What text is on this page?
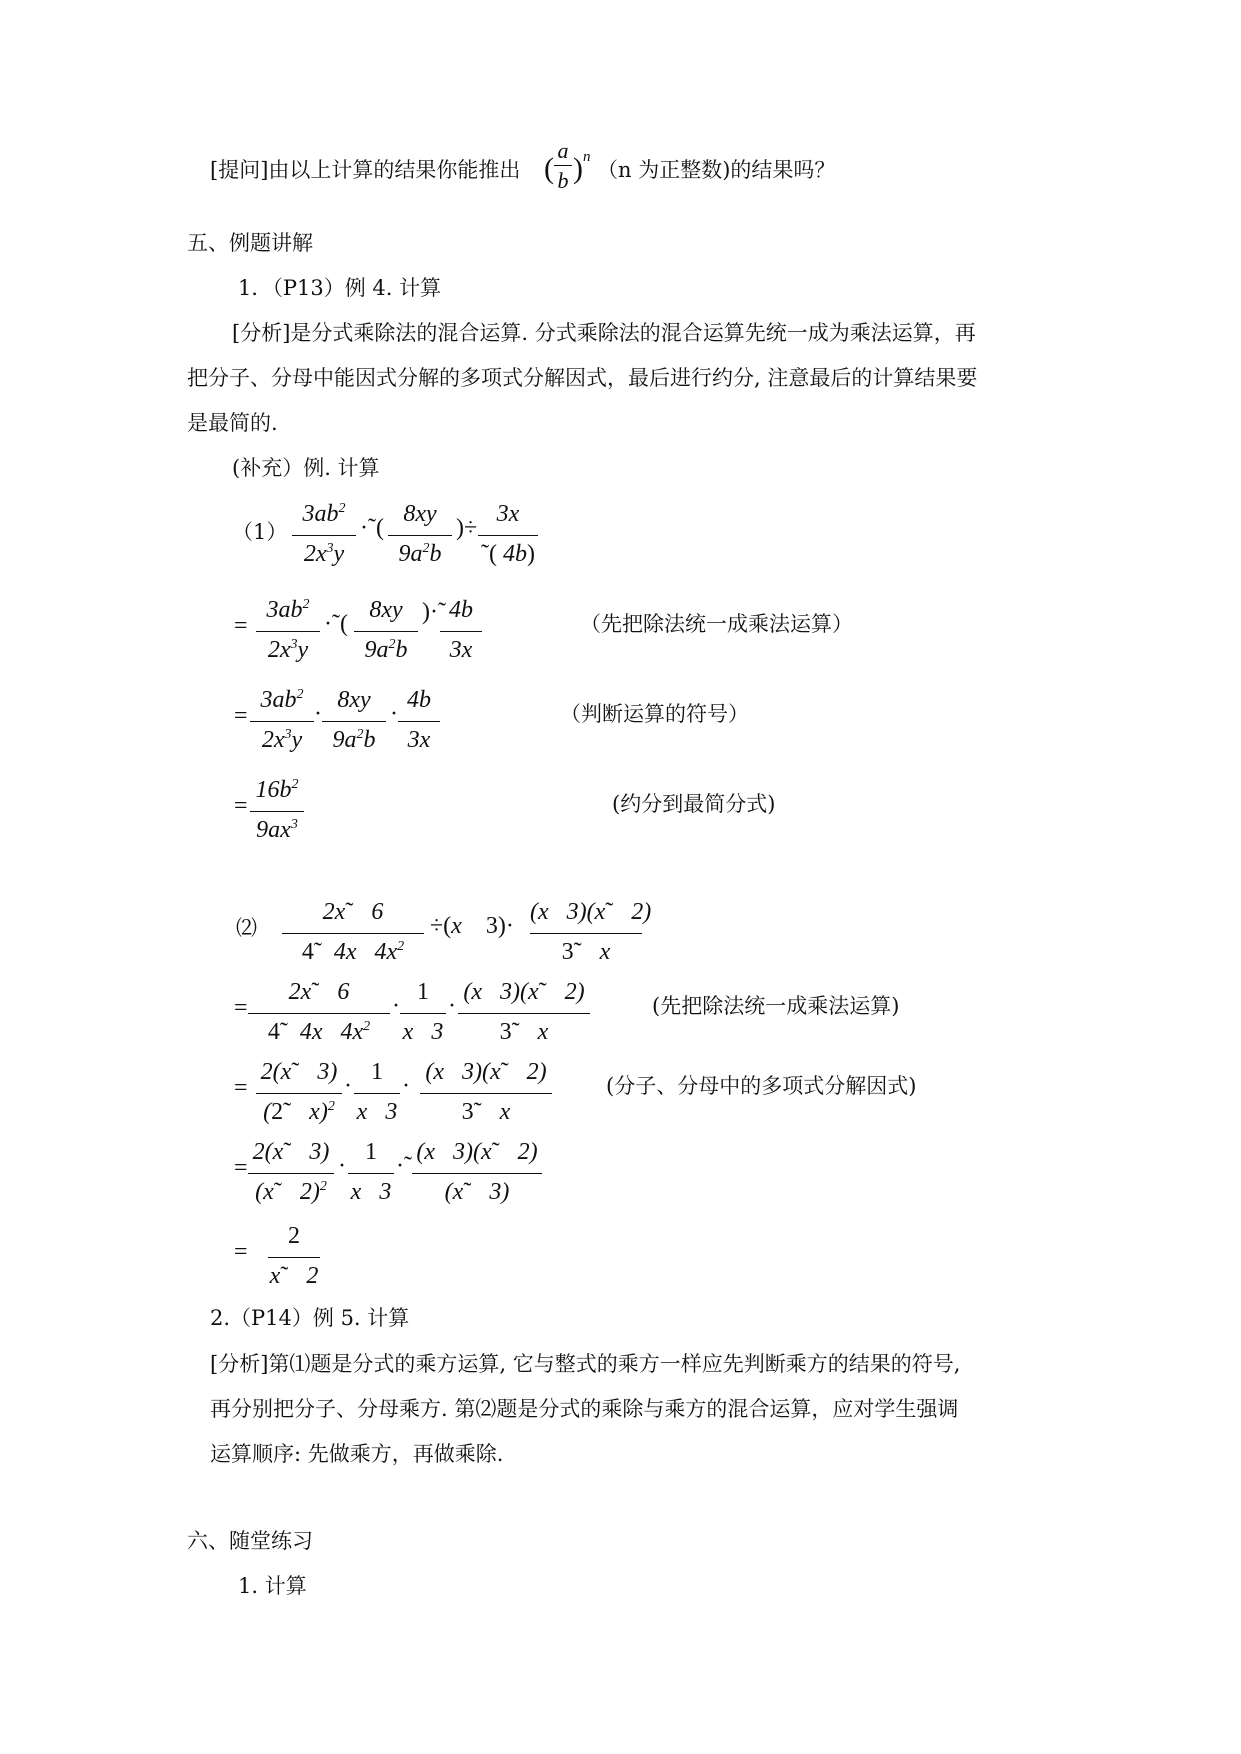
[提问]由以上计算的结果你能推出 (
a
b ) n
（n 为正整数)的结果吗？
五、例题讲解
1．（P13）例 4. 计算
[分析]是分式乘除法的混合运算. 分式乘除法的混合运算先统一成为乘法运算，再
把分子、分母中能因式分解的多项式分解因式，最后进行约分, 注意最后的计算结果要
是最简的.
(补充）例. 计算
（1）
$3ab^2$
$2x^3y$
·˜(
8xy
$9a^2b$
)÷
3x
˜( 4b)
=
$3ab^2$
$2x^3y$
·˜(
8xy
$9a^2b$
)·˜ 4b
3x
（先把除法统一成乘法运算）
=
$3ab^2$
$2x^3y$
·
8xy
$9a^2b$
·
4b
3x
（判断运算的符号）
=
$16b^2$
$9ax^3$
(约分到最简分式)
⑵
2x˜   6
4˜  4x   $4x^2$
÷(x    3)·
(x   3)(x˜   2)
3˜ x
=
2x˜   6
4˜  4x   $4x^2$
·
1
x   3
·
(x   3)(x˜   2)
3˜ x
(先把除法统一成乘法运算)
=
2(x˜   3)
(2˜ x)$^2$
·
1
x   3
·
(x   3)(x˜   2)
3˜ x
(分子、分母中的多项式分解因式)
=
2(x˜   3)
(x˜   2)$^2$
·
1
x   3
·˜
(x   3)(x˜   2)
(x˜   3)
=
2
x˜   2
2.（P14）例 5. 计算
[分析]第⑴题是分式的乘方运算, 它与整式的乘方一样应先判断乘方的结果的符号,
再分别把分子、分母乘方. 第⑵题是分式的乘除与乘方的混合运算，应对学生强调
运算顺序: 先做乘方，再做乘除.
六、随堂练习
1. 计算
